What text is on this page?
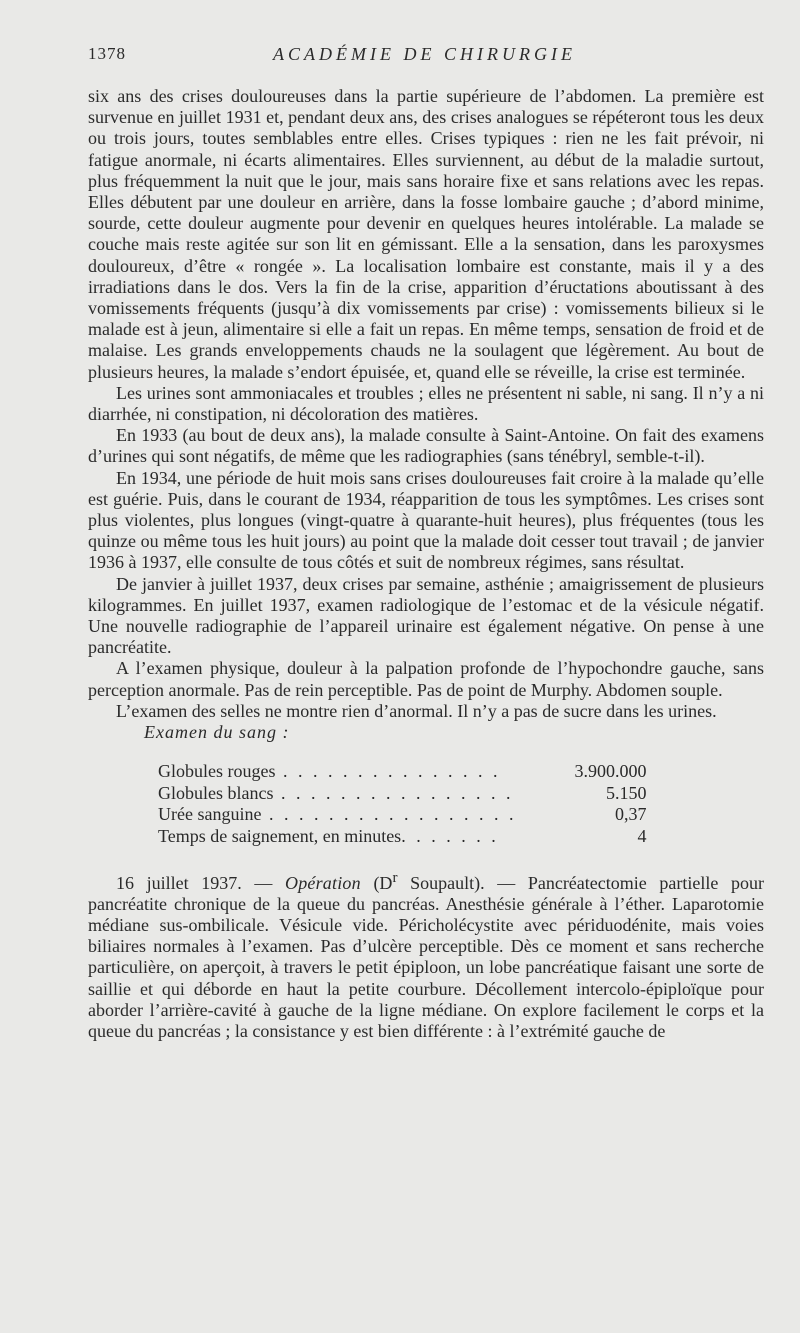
1378	ACADÉMIE DE CHIRURGIE

six ans des crises douloureuses dans la partie supérieure de l’abdomen. La première est survenue en juillet 1931 et, pendant deux ans, des crises analogues se répéteront tous les deux ou trois jours, toutes semblables entre elles. Crises typiques : rien ne les fait prévoir, ni fatigue anormale, ni écarts alimentaires. Elles surviennent, au début de la maladie surtout, plus fréquemment la nuit que le jour, mais sans horaire fixe et sans relations avec les repas. Elles débutent par une douleur en arrière, dans la fosse lombaire gauche ; d’abord minime, sourde, cette douleur augmente pour devenir en quelques heures intolérable. La malade se couche mais reste agitée sur son lit en gémissant. Elle a la sensation, dans les paroxysmes douloureux, d’être « rongée ». La localisation lombaire est constante, mais il y a des irradiations dans le dos. Vers la fin de la crise, apparition d’éructations aboutissant à des vomissements fréquents (jusqu’à dix vomissements par crise) : vomissements bilieux si le malade est à jeun, alimentaire si elle a fait un repas. En même temps, sensation de froid et de malaise. Les grands enveloppements chauds ne la soulagent que légèrement. Au bout de plusieurs heures, la malade s’endort épuisée, et, quand elle se réveille, la crise est terminée.

Les urines sont ammoniacales et troubles ; elles ne présentent ni sable, ni sang. Il n’y a ni diarrhée, ni constipation, ni décoloration des matières.

En 1933 (au bout de deux ans), la malade consulte à Saint-Antoine. On fait des examens d’urines qui sont négatifs, de même que les radiographies (sans ténébryl, semble-t-il).

En 1934, une période de huit mois sans crises douloureuses fait croire à la malade qu’elle est guérie. Puis, dans le courant de 1934, réapparition de tous les symptômes. Les crises sont plus violentes, plus longues (vingt-quatre à quarante-huit heures), plus fréquentes (tous les quinze ou même tous les huit jours) au point que la malade doit cesser tout travail ; de janvier 1936 à 1937, elle consulte de tous côtés et suit de nombreux régimes, sans résultat.

De janvier à juillet 1937, deux crises par semaine, asthénie ; amaigrissement de plusieurs kilogrammes. En juillet 1937, examen radiologique de l’estomac et de la vésicule négatif. Une nouvelle radiographie de l’appareil urinaire est également négative. On pense à une pancréatite.

A l’examen physique, douleur à la palpation profonde de l’hypochondre gauche, sans perception anormale. Pas de rein perceptible. Pas de point de Murphy. Abdomen souple.

L’examen des selles ne montre rien d’anormal. Il n’y a pas de sucre dans les urines.

Examen du sang :

Globules rouges . . . . . . . . . . . . . . .	3.900.000
Globules blancs . . . . . . . . . . . . . . . .	5.150
Urée sanguine . . . . . . . . . . . . . . . . .	0,37
Temps de saignement, en minutes. . . . . . .	4

16 juillet 1937. — Opération ($D^r$ Soupault). — Pancréatectomie partielle pour pancréatite chronique de la queue du pancréas. Anesthésie générale à l’éther. Laparotomie médiane sus-ombilicale. Vésicule vide. Péricholécystite avec périduodénite, mais voies biliaires normales à l’examen. Pas d’ulcère perceptible. Dès ce moment et sans recherche particulière, on aperçoit, à travers le petit épiploon, un lobe pancréatique faisant une sorte de saillie et qui déborde en haut la petite courbure. Décollement intercolo-épiploïque pour aborder l’arrière-cavité à gauche de la ligne médiane. On explore facilement le corps et la queue du pancréas ; la consistance y est bien différente : à l’extrémité gauche de
